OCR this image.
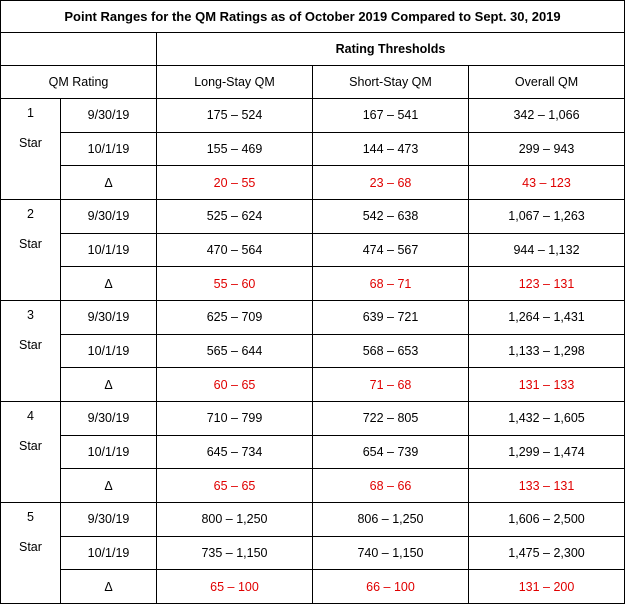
Point Ranges for the QM Ratings as of October 2019 Compared to Sept. 30, 2019				
		Rating Thresholds		
QM Rating		Long-Stay QM	Short-Stay QM	Overall QM

1
Star	9/30/19	175 – 524	167 – 541	342 – 1,066
	10/1/19	155 – 469	144 – 473	299 – 943
	Δ	20 – 55	23 – 68	43 – 123

2
Star	9/30/19	525 – 624	542 – 638	1,067 – 1,263
	10/1/19	470 – 564	474 – 567	944 – 1,132
	Δ	55 – 60	68 – 71	123 – 131

3
Star	9/30/19	625 – 709	639 – 721	1,264 – 1,431
	10/1/19	565 – 644	568 – 653	1,133 – 1,298
	Δ	60 – 65	71 – 68	131 – 133

4
Star	9/30/19	710 – 799	722 – 805	1,432 – 1,605
	10/1/19	645 – 734	654 – 739	1,299 – 1,474
	Δ	65 – 65	68 – 66	133 – 131

5
Star	9/30/19	800 – 1,250	806 – 1,250	1,606 – 2,500
	10/1/19	735 – 1,150	740 – 1,150	1,475 – 2,300
	Δ	65 – 100	66 – 100	131 – 200
